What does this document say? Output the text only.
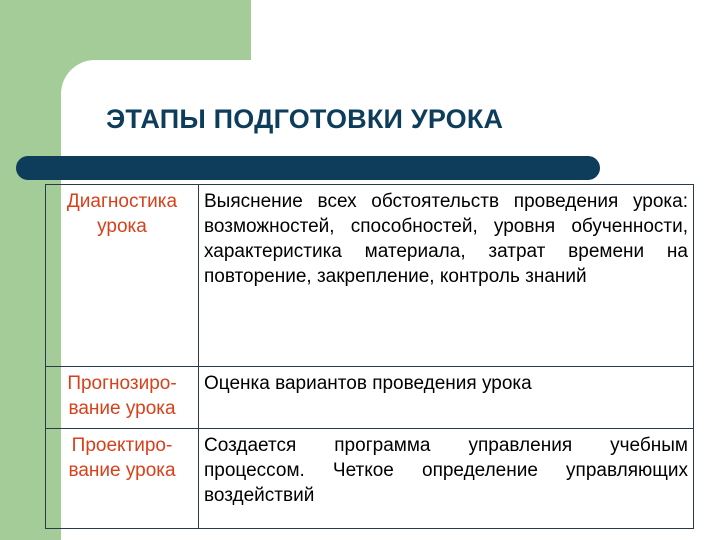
ЭТАПЫ ПОДГОТОВКИ УРОКА
Диагностика урока	Выяснение всех обстоятельств проведения урока: возможностей, способностей, уровня обученности, характеристика материала, затрат времени на повторение, закрепление, контроль знаний
Прогнозиро-вание урока	Оценка вариантов проведения урока
Проектиро-вание урока	Создается программа управления учебным процессом. Четкое определение управляющих воздействий
